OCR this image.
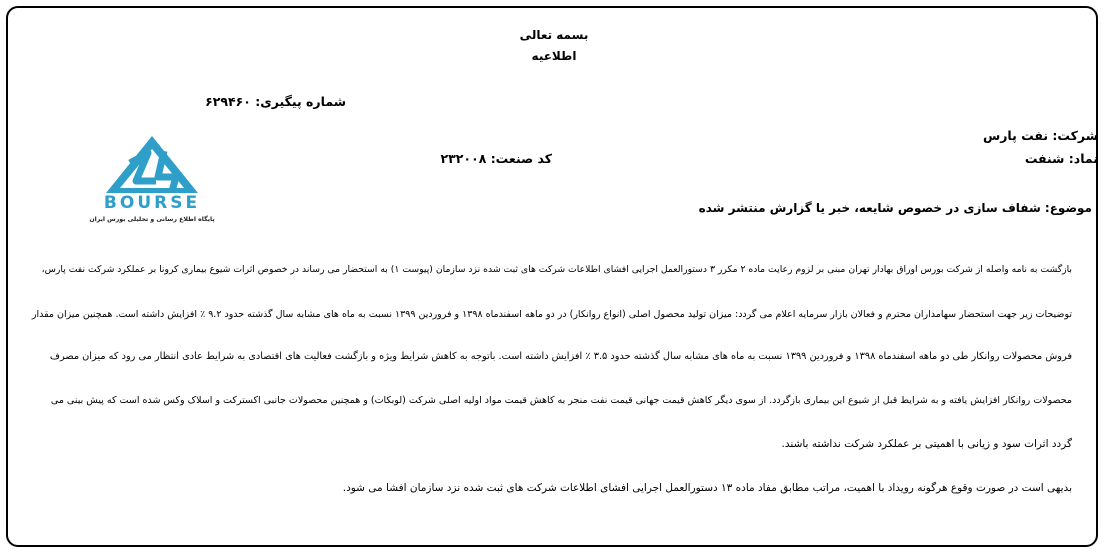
بسمه تعالی
اطلاعیه
شماره پیگیری: ۶۲۹۴۶۰
شرکت: نفت پارس
نماد: شنفت
کد صنعت: ۲۳۲۰۰۸
موضوع: شفاف سازی در خصوص شایعه، خبر یا گزارش منتشر شده
BOURSE
پایگاه اطلاع رسانی و تحلیلی بورس ایران
بازگشت به نامه واصله از شرکت بورس اوراق بهادار تهران مبنی بر لزوم رعایت ماده ۲ مکرر ۳ دستورالعمل اجرایی افشای اطلاعات شرکت های ثبت شده نزد سازمان (پیوست ۱) به استحضار می رساند در خصوص اثرات شیوع بیماری کرونا بر عملکرد شرکت نفت پارس،
توضیحات زیر جهت استحضار سهامداران محترم و فعالان بازار سرمایه اعلام می گردد: میزان تولید محصول اصلی (انواع روانکار) در دو ماهه اسفندماه ۱۳۹۸ و فروردین ۱۳۹۹ نسبت به ماه های مشابه سال گذشته حدود ۹.۲ ٪ افزایش داشته است. همچنین میزان مقدار
فروش محصولات روانکار طی دو ماهه اسفندماه ۱۳۹۸ و فروردین ۱۳۹۹ نسبت به ماه های مشابه سال گذشته حدود ۳.۵ ٪ افزایش داشته است. باتوجه به کاهش شرایط ویژه و بازگشت فعالیت های اقتصادی به شرایط عادی انتظار می رود که میزان مصرف
محصولات روانکار افزایش یافته و به شرایط قبل از شیوع این بیماری بازگردد. از سوی دیگر کاهش قیمت جهانی قیمت نفت منجر به کاهش قیمت مواد اولیه اصلی شرکت (لوبکات) و همچنین محصولات جانبی اکسترکت و اسلاک وکس شده است که پیش بینی می
گردد اثرات سود و زیانی با اهمیتی بر عملکرد شرکت نداشته باشند.
بدیهی است در صورت وقوع هرگونه رویداد با اهمیت، مراتب مطابق مفاد ماده ۱۳ دستورالعمل اجرایی افشای اطلاعات شرکت های ثبت شده نزد سازمان افشا می شود.
